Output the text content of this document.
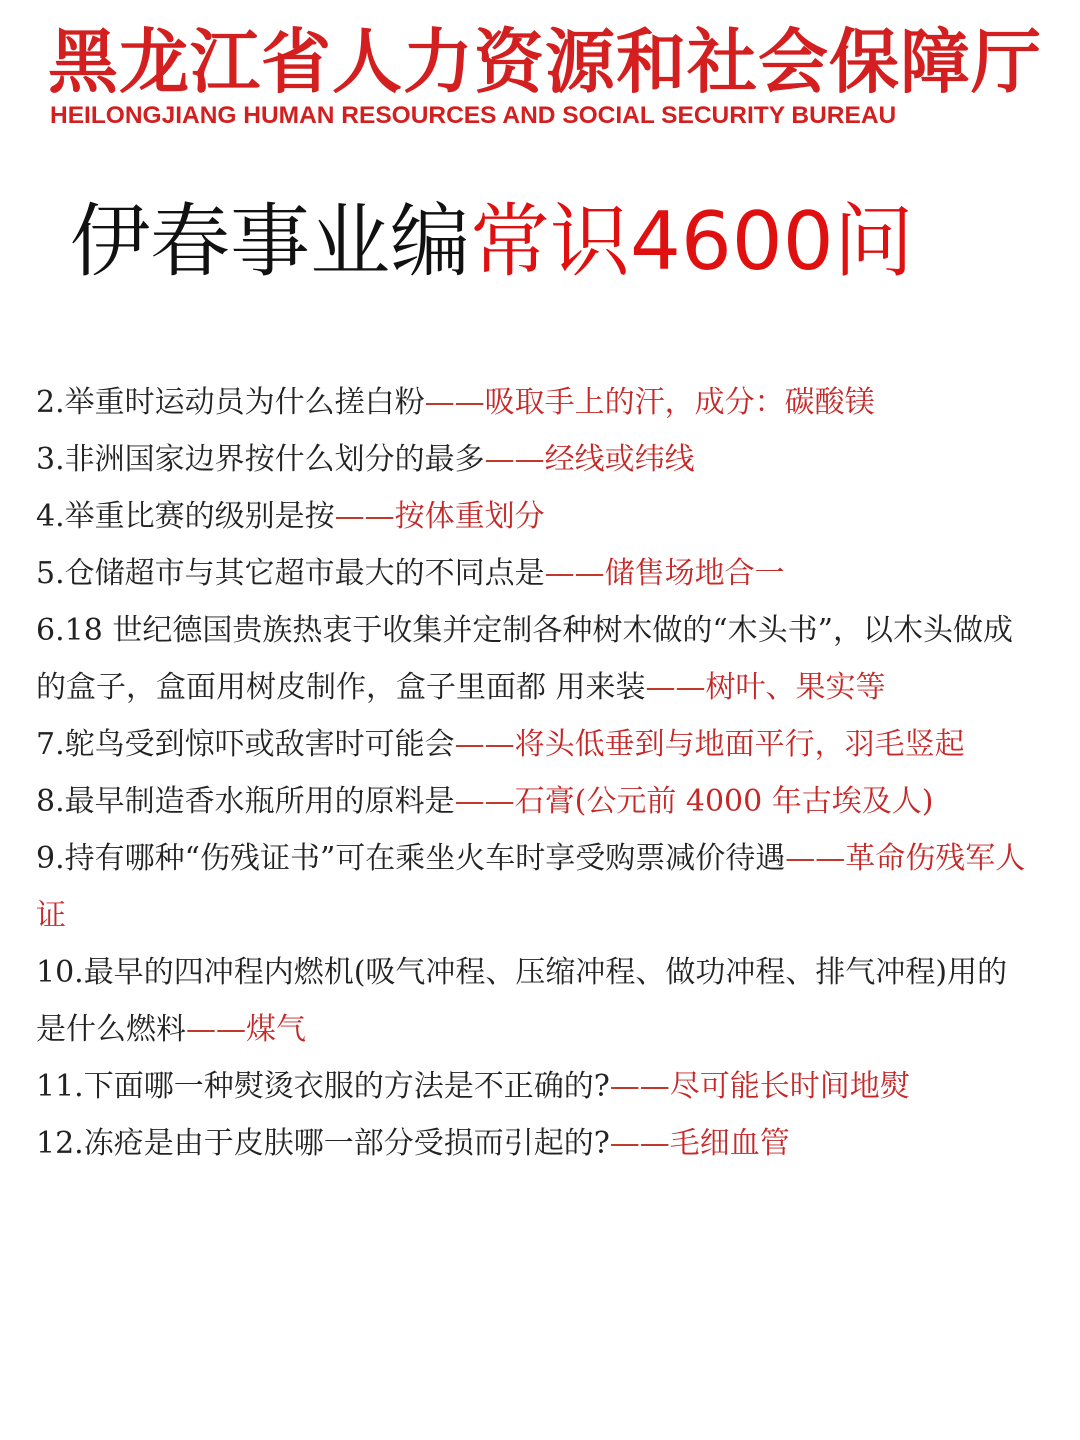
黑龙江省人力资源和社会保障厅
HEILONGJIANG HUMAN RESOURCES AND SOCIAL SECURITY BUREAU
伊春事业编常识4600问

2.举重时运动员为什么搓白粉——吸取手上的汗，成分：碳酸镁

3.非洲国家边界按什么划分的最多——经线或纬线

4.举重比赛的级别是按——按体重划分

5.仓储超市与其它超市最大的不同点是——储售场地合一

6.18 世纪德国贵族热衷于收集并定制各种树木做的“木头书”，以木头做成的盒子，盒面用树皮制作，盒子里面都 用来装——树叶、果实等

7.鸵鸟受到惊吓或敌害时可能会——将头低垂到与地面平行，羽毛竖起

8.最早制造香水瓶所用的原料是——石膏(公元前 4000 年古埃及人)

9.持有哪种“伤残证书”可在乘坐火车时享受购票减价待遇——革命伤残军人证

10.最早的四冲程内燃机(吸气冲程、压缩冲程、做功冲程、排气冲程)用的是什么燃料——煤气

11.下面哪一种熨烫衣服的方法是不正确的?——尽可能长时间地熨

12.冻疮是由于皮肤哪一部分受损而引起的?——毛细血管
